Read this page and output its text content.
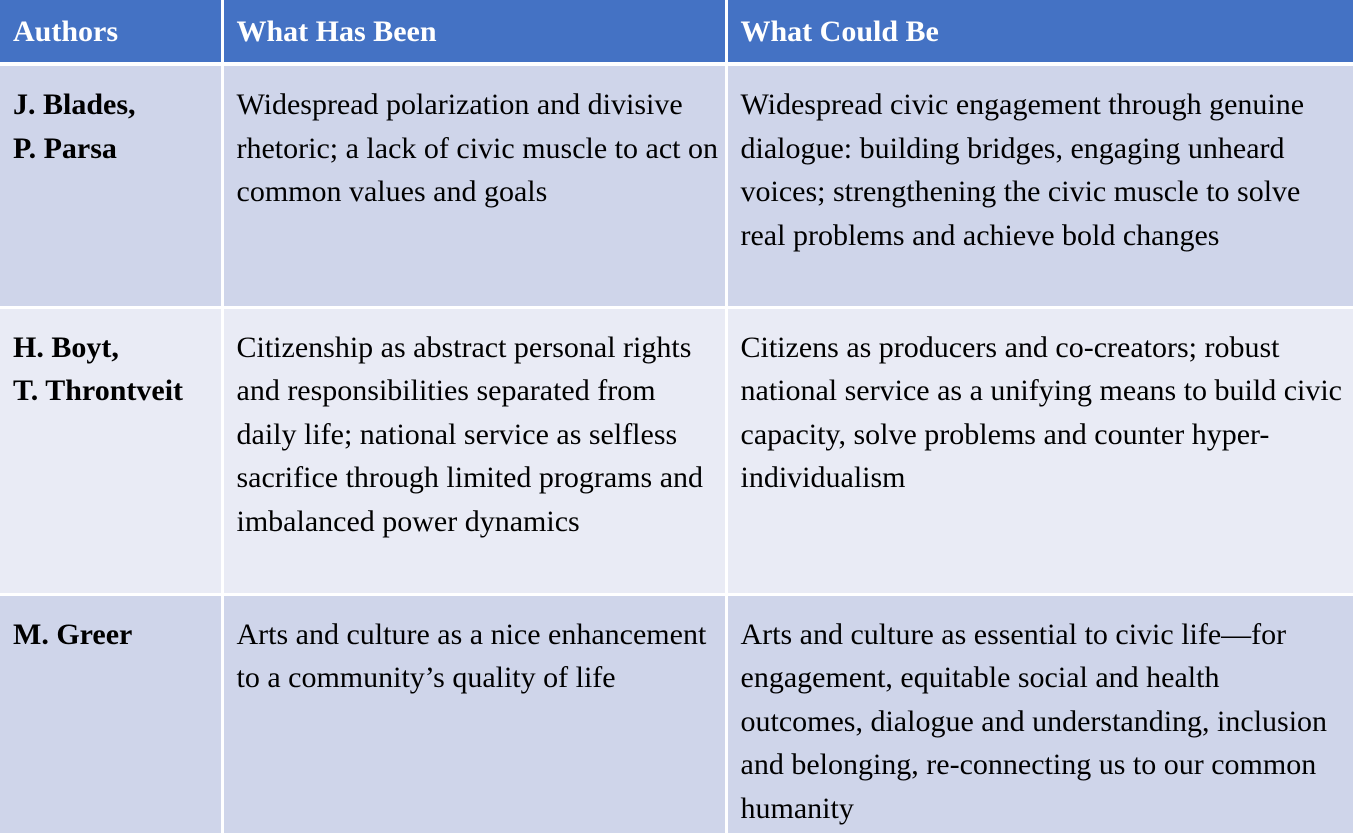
Authors	What Has Been	What Could Be

J. Blades,
P. Parsa	Widespread polarization and divisive rhetoric; a lack of civic muscle to act on common values and goals	Widespread civic engagement through genuine dialogue: building bridges, engaging unheard voices; strengthening the civic muscle to solve real problems and achieve bold changes

H. Boyt,
T. Throntveit	Citizenship as abstract personal rights and responsibilities separated from daily life; national service as selfless sacrifice through limited programs and imbalanced power dynamics	Citizens as producers and co-creators; robust national service as a unifying means to build civic capacity, solve problems and counter hyper-individualism

M. Greer	Arts and culture as a nice enhancement to a community’s quality of life	Arts and culture as essential to civic life—for engagement, equitable social and health outcomes, dialogue and understanding, inclusion and belonging, re-connecting us to our common humanity
